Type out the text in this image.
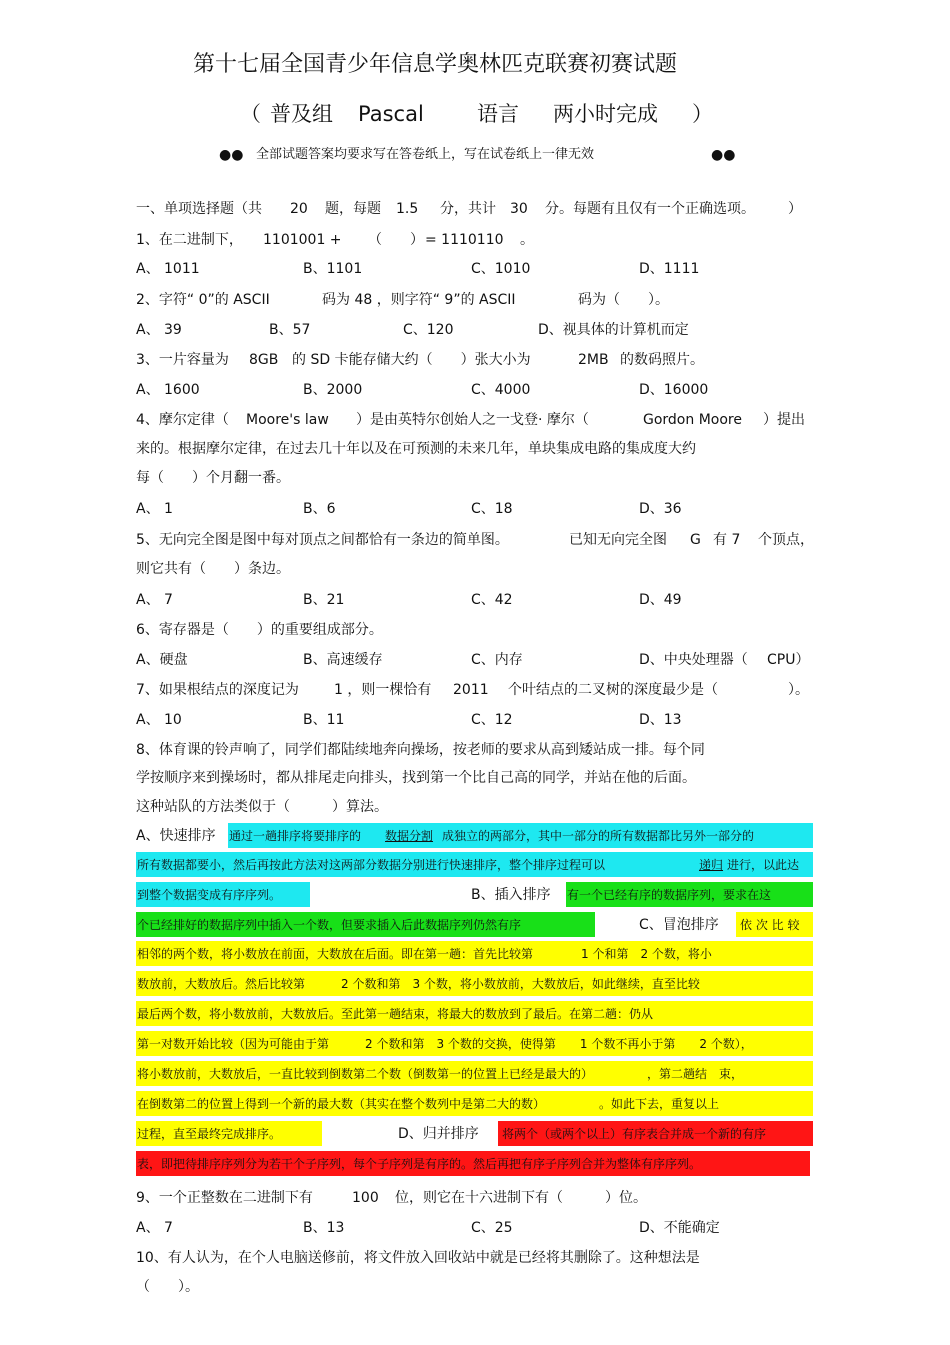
第十七届全国青少年信息学奥林匹克联赛初赛试题
（ 普及组 Pascal	语言 两小时完成 ）
●● 全部试题答案均要求写在答卷纸上，写在试卷纸上一律无效	●●
一、单项选择题（共 20 题，每题 1.5 分，共计 30 分。每题有且仅有一个正确选项。 ）
1、在二进制下， 1101001 + （　　） = 1110110 。
A、 1011	B、1101	C、1010	D、1111
2、字符“ 0”的 ASCII	码为 48 ，则字符“ 9”的 ASCII	码为（　　）。
A、 39	B、57	C、120	D、视具体的计算机而定
3、一片容量为 8GB 的 SD 卡能存储大约（　　）张大小为	2MB 的数码照片。
A、 1600	B、2000	C、4000	D、16000
4、摩尔定律（ Moore's law ）是由英特尔创始人之一戈登· 摩尔（	Gordon Moore ）提出
来的。根据摩尔定律，在过去几十年以及在可预测的未来几年，单块集成电路的集成度大约
每（　　）个月翻一番。
A、 1	B、6	C、18	D、36
5、无向完全图是图中每对顶点之间都恰有一条边的简单图。	已知无向完全图 G 有 7 个顶点，
则它共有（　　）条边。
A、 7	B、21	C、42	D、49
6、寄存器是（　　）的重要组成部分。
A、硬盘	B、高速缓存	C、内存	D、中央处理器（ CPU）
7、如果根结点的深度记为	1 ，则一棵恰有 2011 个叶结点的二叉树的深度最少是（	）。
A、 10	B、11	C、12	D、13
8、体育课的铃声响了，同学们都陆续地奔向操场，按老师的要求从高到矮站成一排。每个同
学按顺序来到操场时，都从排尾走向排头，找到第一个比自己高的同学，并站在他的后面。
这种站队的方法类似于（　　　）算法。
A、快速排序
B、插入排序
C、冒泡排序
D、归并排序
通过一趟排序将要排序的 数据分割 成独立的两部分，其中一部分的所有数据都比另外一部分的
所有数据都要小，然后再按此方法对这两部分数据分别进行快速排序，整个排序过程可以	递归 进行，以此达
到整个数据变成有序序列。	有一个已经有序的数据序列，要求在这
个已经排好的数据序列中插入一个数，但要求插入后此数据序列仍然有序	依 次 比 较
相邻的两个数，将小数放在前面，大数放在后面。即在第一趟：首先比较第　　　　1 个和第　2 个数，将小
数放前，大数放后。然后比较第　　　2 个数和第　3 个数，将小数放前，大数放后，如此继续，直至比较
最后两个数，将小数放前，大数放后。至此第一趟结束，将最大的数放到了最后。在第二趟：仍从
第一对数开始比较（因为可能由于第　　　2 个数和第　3 个数的交换，使得第　　1 个数不再小于第　　2 个数），
将小数放前，大数放后，一直比较到倒数第二个数（倒数第一的位置上已经是最大的）　　　　　，第二趟结　束，
在倒数第二的位置上得到一个新的最大数（其实在整个数列中是第二大的数）　　　　　。如此下去，重复以上
过程，直至最终完成排序。	将两个（或两个以上）有序表合并成一个新的有序
表，即把待排序序列分为若干个子序列，每个子序列是有序的。然后再把有序子序列合并为整体有序序列。
9、一个正整数在二进制下有	100 位，则它在十六进制下有（　　　）位。
A、 7	B、13	C、25	D、不能确定
10、有人认为，在个人电脑送修前，将文件放入回收站中就是已经将其删除了。这种想法是
（　　）。
